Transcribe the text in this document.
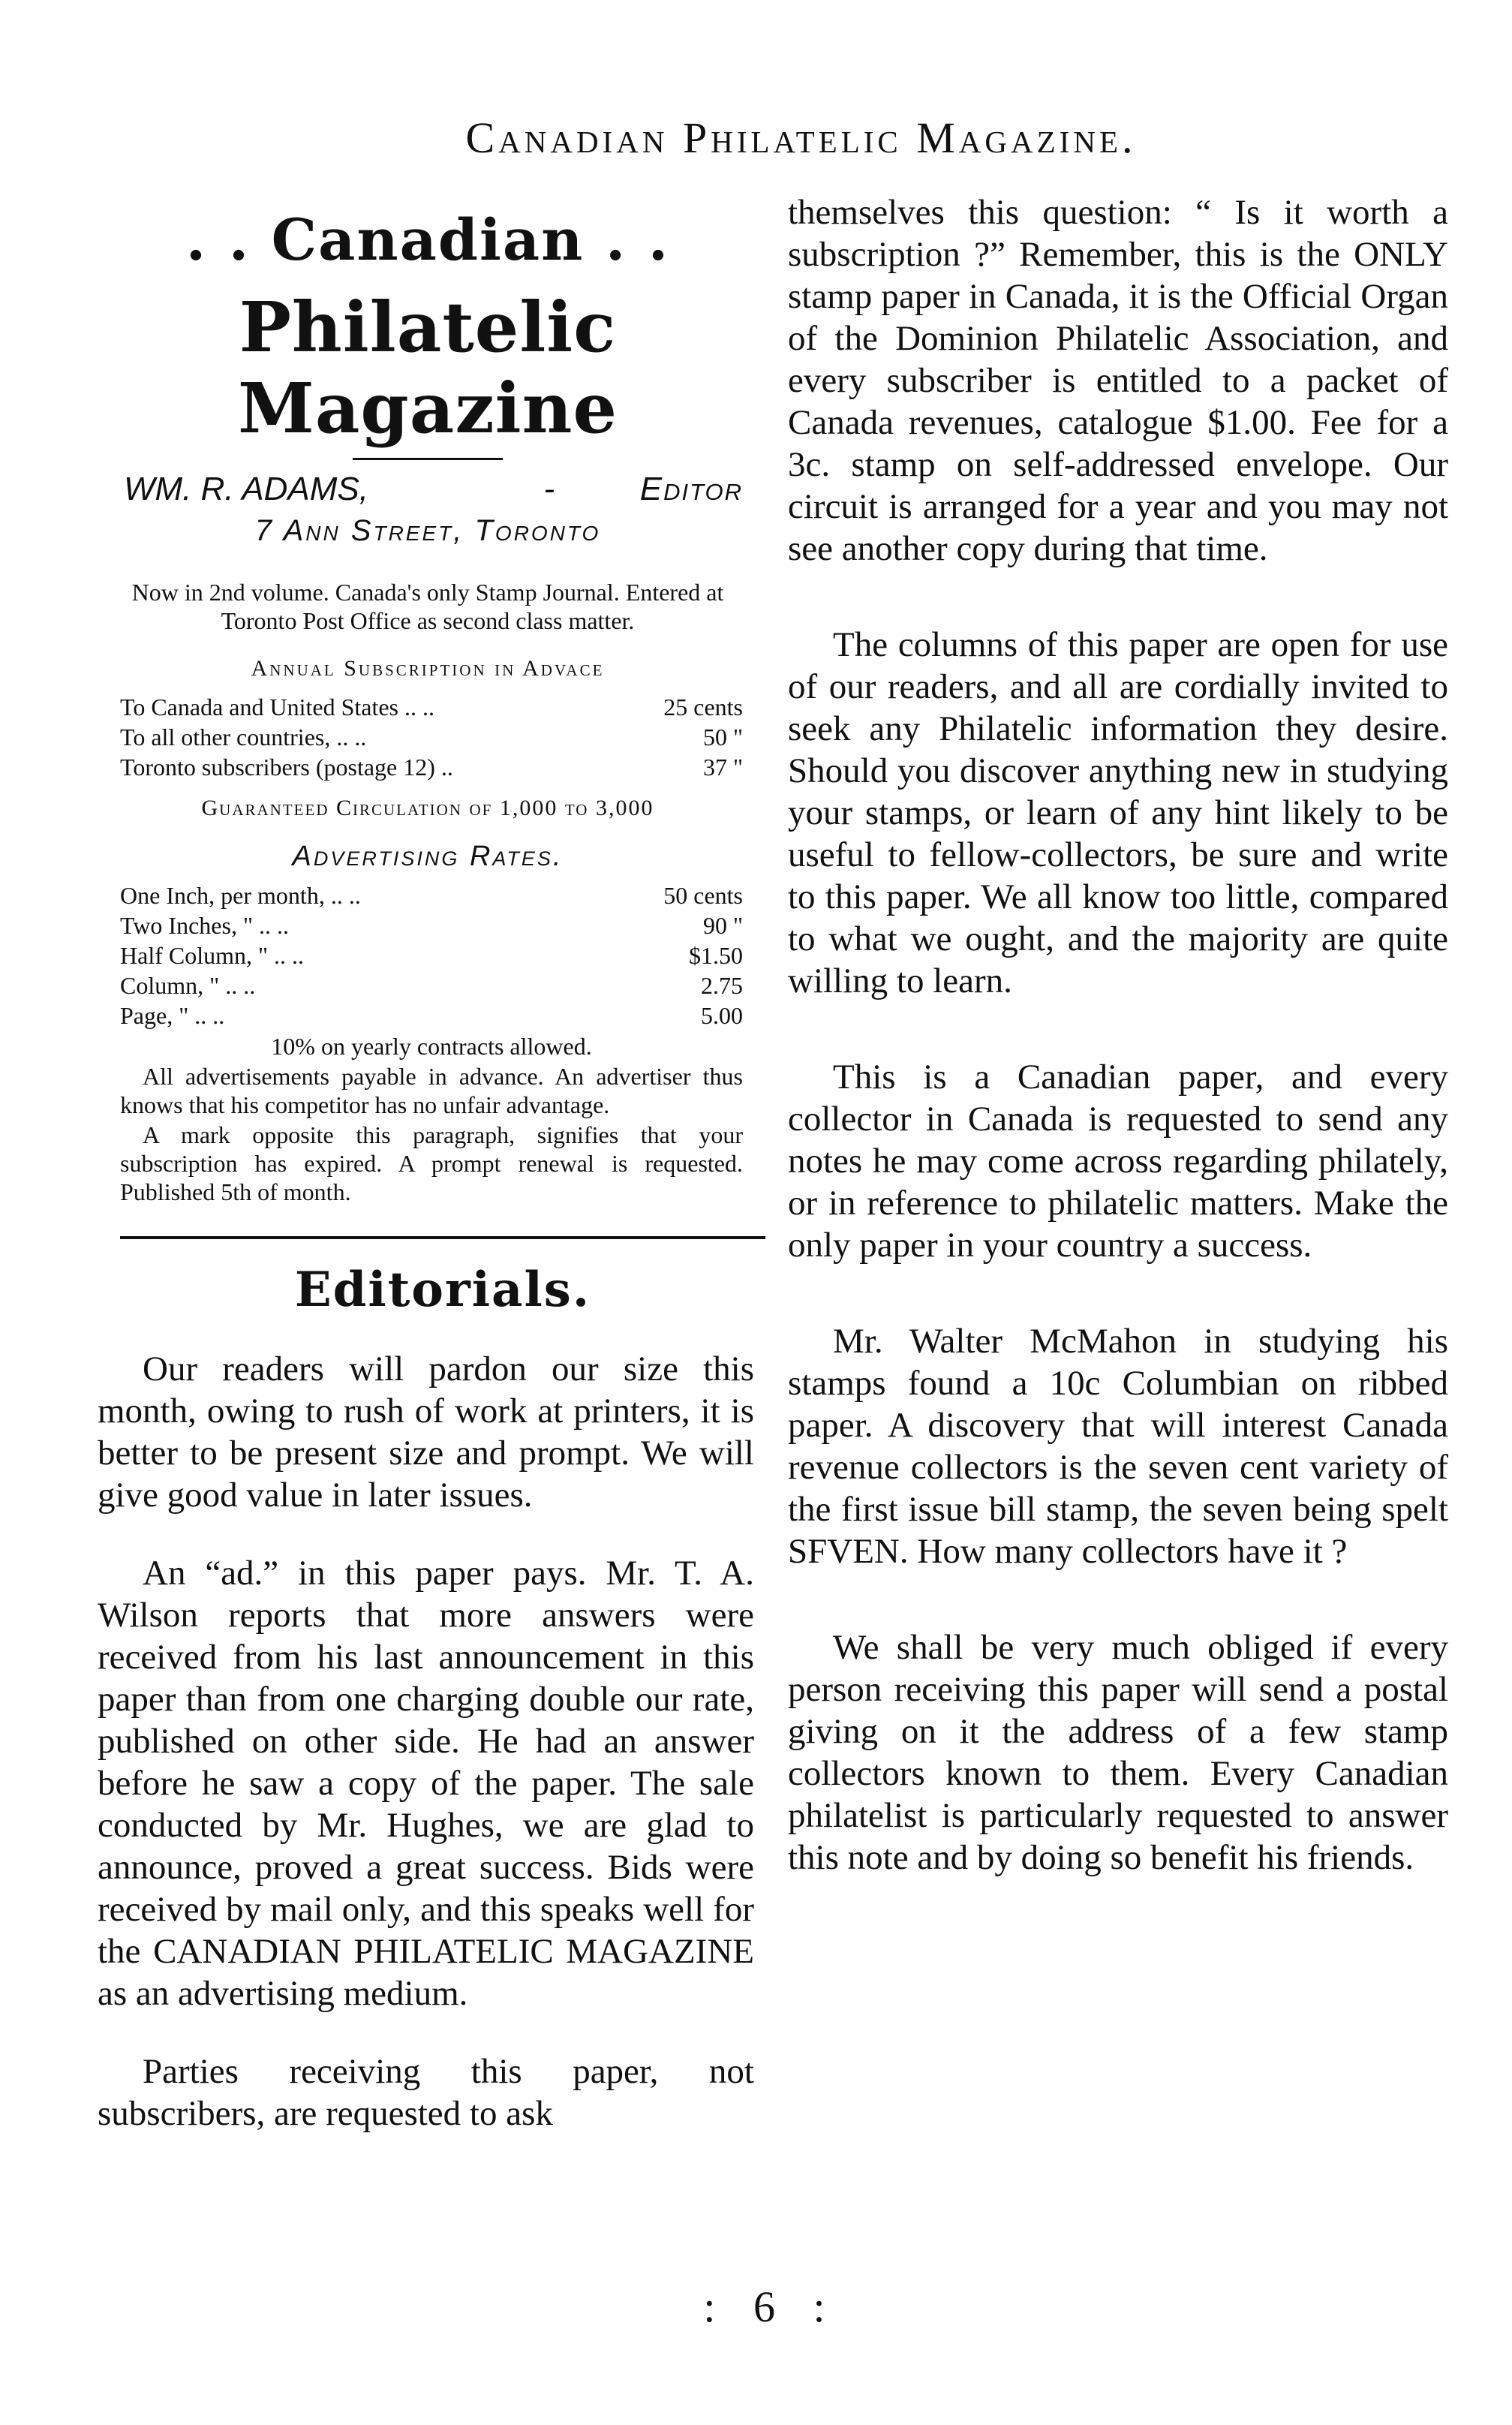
Canadian Philatelic Magazine.
. . Canadian . .
Philatelic Magazine
WM. R. ADAMS,	-	Editor
7 Ann Street, Toronto
Now in 2nd volume. Canada's only Stamp Journal. Entered at Toronto Post Office as second class matter.
Annual Subscription in Advace
To Canada and United States .. ..	25 cents
To all other countries, .. ..	50 "
Toronto subscribers (postage 12) ..	37 "
Guaranteed Circulation of 1,000 to 3,000
Advertising Rates.
One Inch, per month, .. ..	50 cents
Two Inches, " .. ..	90 "
Half Column, " .. ..	$1.50
Column, " .. ..	2.75
Page, " .. ..	5.00
10% on yearly contracts allowed.
All advertisements payable in advance. An advertiser thus knows that his competitor has no unfair advantage.
A mark opposite this paragraph, signifies that your subscription has expired. A prompt renewal is requested. Published 5th of month.
Editorials.

Our readers will pardon our size this month, owing to rush of work at printers, it is better to be present size and prompt. We will give good value in later issues.

An “ad.” in this paper pays. Mr. T. A. Wilson reports that more answers were received from his last announcement in this paper than from one charging double our rate, published on other side. He had an answer before he saw a copy of the paper. The sale conducted by Mr. Hughes, we are glad to announce, proved a great success. Bids were received by mail only, and this speaks well for the CANADIAN PHILATELIC MAGAZINE as an advertising medium.

Parties receiving this paper, not subscribers, are requested to ask

themselves this question: “ Is it worth a subscription ?” Remember, this is the ONLY stamp paper in Canada, it is the Official Organ of the Dominion Philatelic Association, and every subscriber is entitled to a packet of Canada revenues, catalogue $1.00. Fee for a 3c. stamp on self-addressed envelope. Our circuit is arranged for a year and you may not see another copy during that time.

The columns of this paper are open for use of our readers, and all are cordially invited to seek any Philatelic information they desire. Should you discover anything new in studying your stamps, or learn of any hint likely to be useful to fellow-collectors, be sure and write to this paper. We all know too little, compared to what we ought, and the majority are quite willing to learn.

This is a Canadian paper, and every collector in Canada is requested to send any notes he may come across regarding philately, or in reference to philatelic matters. Make the only paper in your country a success.

Mr. Walter McMahon in studying his stamps found a 10c Columbian on ribbed paper. A discovery that will interest Canada revenue collectors is the seven cent variety of the first issue bill stamp, the seven being spelt SFVEN. How many collectors have it ?

We shall be very much obliged if every person receiving this paper will send a postal giving on it the address of a few stamp collectors known to them. Every Canadian philatelist is particularly requested to answer this note and by doing so benefit his friends.

: 6 :
